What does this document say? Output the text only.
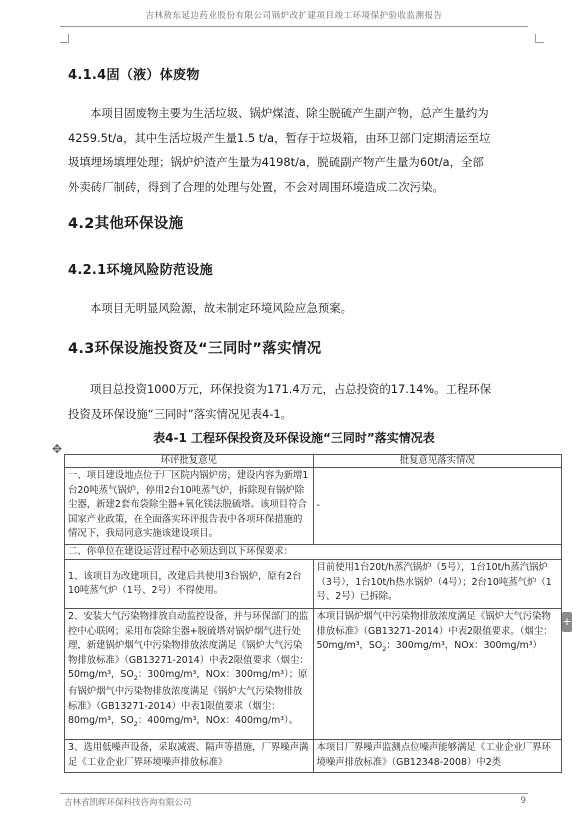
吉林敖东延边药业股份有限公司锅炉改扩建项目竣工环境保护验收监测报告
4.1.4固（液）体废物
本项目固废物主要为生活垃圾、锅炉煤渣、除尘脱硫产生副产物，总产生量约为
4259.5t/a，其中生活垃圾产生量1.5 t/a，暂存于垃圾箱，由环卫部门定期清运至垃
圾填埋场填埋处理；锅炉炉渣产生量为4198t/a，脱硫副产物产生量为60t/a，全部
外卖砖厂制砖，得到了合理的处理与处置，不会对周围环境造成二次污染。
4.2其他环保设施
4.2.1环境风险防范设施
本项目无明显风险源，故未制定环境风险应急预案。
4.3环保设施投资及“三同时”落实情况
项目总投资1000万元，环保投资为171.4万元，占总投资的17.14%。工程环保
投资及环保设施“三同时”落实情况见表4-1。
表4-1 工程环保投资及环保设施“三同时”落实情况表
✥
环评批复意见	批复意见落实情况
一、项目建设地点位于厂区院内锅炉房，建设内容为新增1台20吨蒸气锅炉，停用2台10吨蒸气炉，拆除现有锅炉除尘器，新建2套布袋除尘器+氧化镁法脱硫塔。该项目符合国家产业政策，在全面落实环评报告表中各项环保措施的情况下，我局同意实施该建设项目。	-
二、你单位在建设运营过程中必须达到以下环保要求：	
1、该项目为改建项目，改建后共使用3台锅炉，原有2台10吨蒸气炉（1号、2号）不得使用。	目前使用1台20t/h蒸汽锅炉（5号），1台10t/h蒸汽锅炉（3号），1台10t/h热水锅炉（4号）；2台10吨蒸气炉（1号、2号）已拆除。
2、安装大气污染物排放自动监控设备，并与环保部门的监控中心联网；采用布袋除尘器+脱硫塔对锅炉烟气进行处理，新建锅炉烟气中污染物排放浓度满足《锅炉大气污染物排放标准》（GB13271-2014）中表2限值要求（烟尘：50mg/m³，$SO_2$：300mg/m³，NOx：300mg/m³）；原有锅炉烟气中污染物排放浓度满足《锅炉大气污染物排放标准》（GB13271-2014）中表1限值要求（烟尘：80mg/m³，$SO_2$：400mg/m³，NOx：400mg/m³）。	本项目锅炉烟气中污染物排放浓度满足《锅炉大气污染物排放标准》（GB13271-2014）中表2限值要求。（烟尘：50mg/m³，$SO_2$：300mg/m³，NOx：300mg/m³）
3、选用低噪声设备，采取减震、隔声等措施，厂界噪声满足《工业企业厂界环境噪声排放标准》	本项目厂界噪声监测点位噪声能够满足《工业企业厂界环境噪声排放标准》（GB12348-2008）中2类
+
吉林省凯晖环保科技咨询有限公司	9
